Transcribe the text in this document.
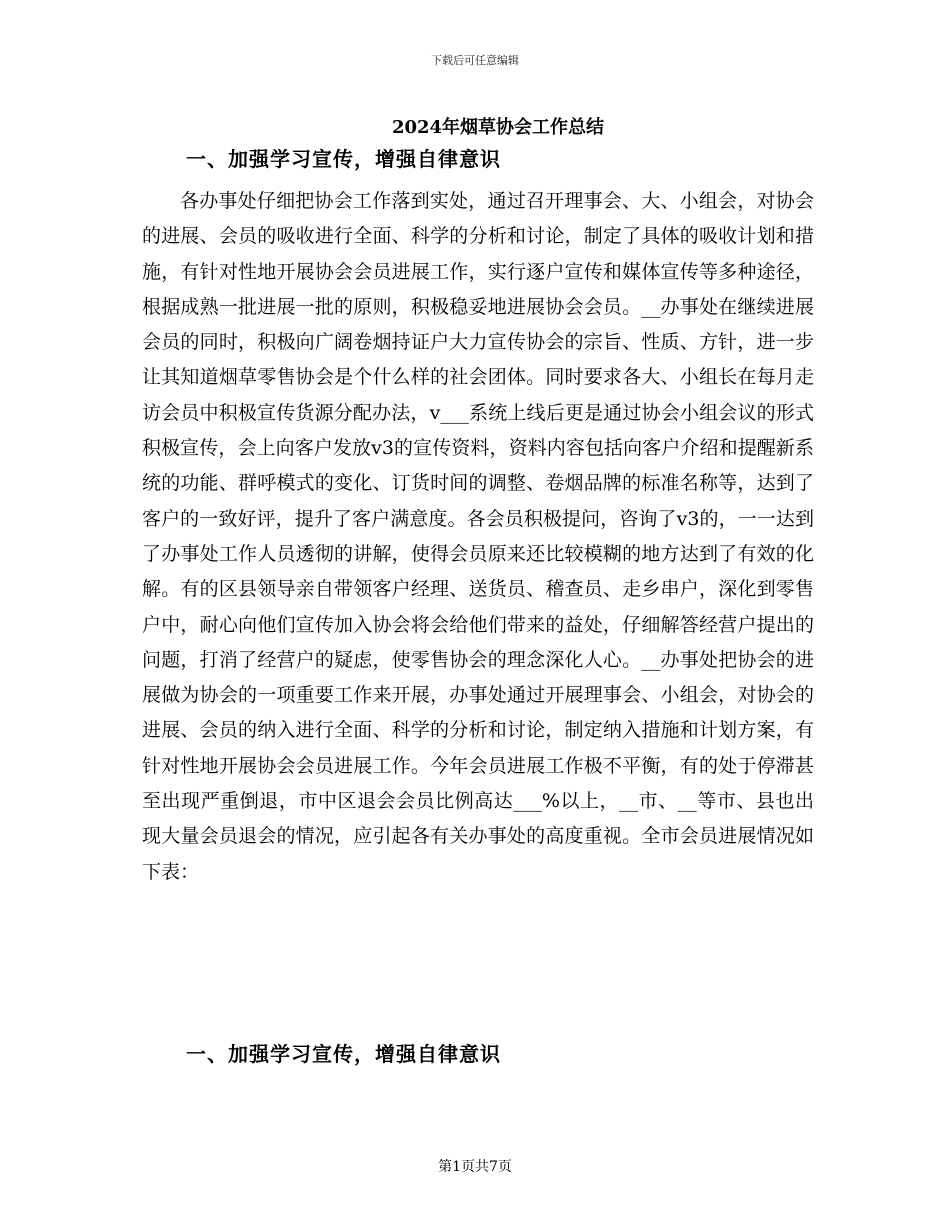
下载后可任意编辑
2024年烟草协会工作总结
一、加强学习宣传，增强自律意识

各办事处仔细把协会工作落到实处，通过召开理事会、大、小组会，对协会的进展、会员的吸收进行全面、科学的分析和讨论，制定了具体的吸收计划和措施，有针对性地开展协会会员进展工作，实行逐户宣传和媒体宣传等多种途径，根据成熟一批进展一批的原则，积极稳妥地进展协会会员。__办事处在继续进展会员的同时，积极向广阔卷烟持证户大力宣传协会的宗旨、性质、方针，进一步让其知道烟草零售协会是个什么样的社会团体。同时要求各大、小组长在每月走访会员中积极宣传货源分配办法，v___系统上线后更是通过协会小组会议的形式积极宣传，会上向客户发放v3的宣传资料，资料内容包括向客户介绍和提醒新系统的功能、群呼模式的变化、订货时间的调整、卷烟品牌的标准名称等，达到了客户的一致好评，提升了客户满意度。各会员积极提问，咨询了v3的，一一达到了办事处工作人员透彻的讲解，使得会员原来还比较模糊的地方达到了有效的化解。有的区县领导亲自带领客户经理、送货员、稽查员、走乡串户，深化到零售户中，耐心向他们宣传加入协会将会给他们带来的益处，仔细解答经营户提出的问题，打消了经营户的疑虑，使零售协会的理念深化人心。__办事处把协会的进展做为协会的一项重要工作来开展，办事处通过开展理事会、小组会，对协会的进展、会员的纳入进行全面、科学的分析和讨论，制定纳入措施和计划方案，有针对性地开展协会会员进展工作。今年会员进展工作极不平衡，有的处于停滞甚至出现严重倒退，市中区退会会员比例高达___%以上，__市、__等市、县也出现大量会员退会的情况，应引起各有关办事处的高度重视。全市会员进展情况如下表：

一、加强学习宣传，增强自律意识
第1页共7页
